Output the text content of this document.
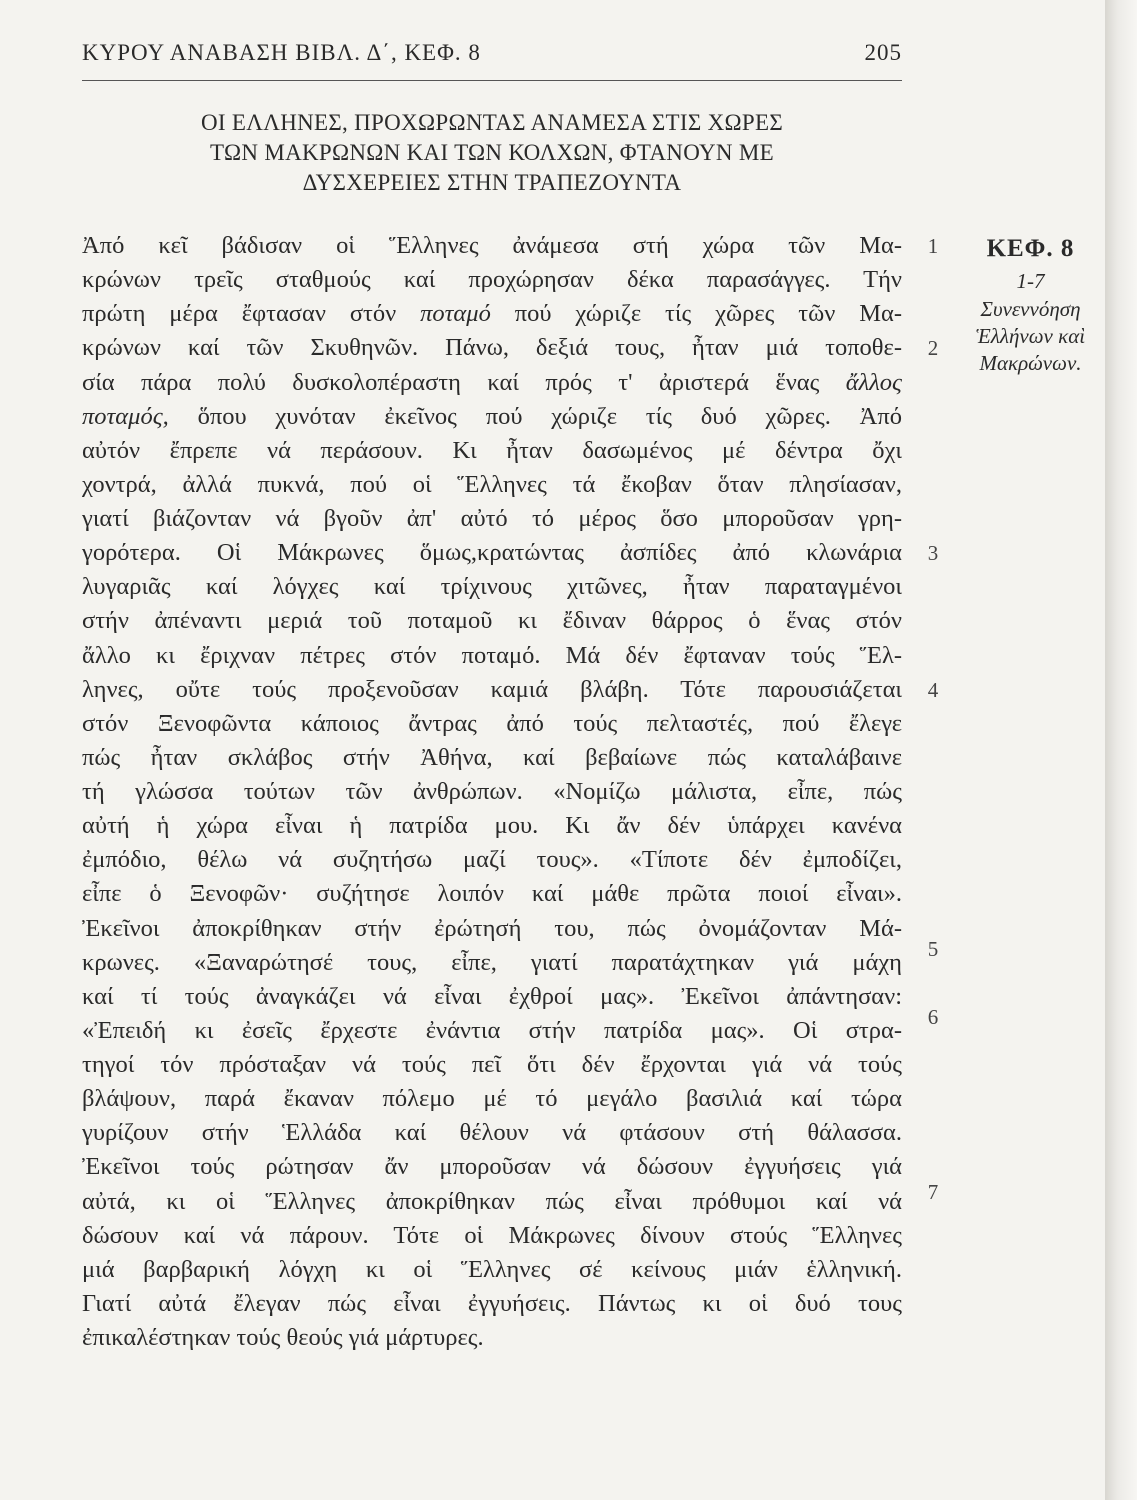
ΚΥΡΟΥ ΑΝΑΒΑΣΗ ΒΙΒΛ. Δ΄, ΚΕΦ. 8	205
ΟΙ ΕΛΛΗΝΕΣ, ΠΡΟΧΩΡΩΝΤΑΣ ΑΝΑΜΕΣΑ ΣΤΙΣ ΧΩΡΕΣ
ΤΩΝ ΜΑΚΡΩΝΩΝ ΚΑΙ ΤΩΝ ΚΟΛΧΩΝ, ΦΤΑΝΟΥΝ ΜΕ
ΔΥΣΧΕΡΕΙΕΣ ΣΤΗΝ ΤΡΑΠΕΖΟΥΝΤΑ
Ἀπό κεῖ βάδισαν οἱ Ἕλληνες ἀνάμεσα στή χώρα τῶν Μα-
κρώνων τρεῖς σταθμούς καί προχώρησαν δέκα παρασάγγες. Τήν
πρώτη μέρα ἔφτασαν στόν ποταμό πού χώριζε τίς χῶρες τῶν Μα-
κρώνων καί τῶν Σκυθηνῶν. Πάνω, δεξιά τους, ἦταν μιά τοποθε-
σία πάρα πολύ δυσκολοπέραστη καί πρός τ' ἀριστερά ἕνας ἄλλος
ποταμός, ὅπου χυνόταν ἐκεῖνος πού χώριζε τίς δυό χῶρες. Ἀπό
αὐτόν ἔπρεπε νά περάσουν. Κι ἦταν δασωμένος μέ δέντρα ὄχι
χοντρά, ἀλλά πυκνά, πού οἱ Ἕλληνες τά ἔκοβαν ὅταν πλησίασαν,
γιατί βιάζονταν νά βγοῦν ἀπ' αὐτό τό μέρος ὅσο μποροῦσαν γρη-
γορότερα. Οἱ Μάκρωνες ὅμως,κρατώντας ἀσπίδες ἀπό κλωνάρια
λυγαριᾶς καί λόγχες καί τρίχινους χιτῶνες, ἦταν παραταγμένοι
στήν ἀπέναντι μεριά τοῦ ποταμοῦ κι ἔδιναν θάρρος ὁ ἕνας στόν
ἄλλο κι ἔριχναν πέτρες στόν ποταμό. Μά δέν ἔφταναν τούς Ἕλ-
ληνες, οὔτε τούς προξενοῦσαν καμιά βλάβη. Τότε παρουσιάζεται
στόν Ξενοφῶντα κάποιος ἄντρας ἀπό τούς πελταστές, πού ἔλεγε
πώς ἦταν σκλάβος στήν Ἀθήνα, καί βεβαίωνε πώς καταλάβαινε
τή γλώσσα τούτων τῶν ἀνθρώπων. «Νομίζω μάλιστα, εἶπε, πώς
αὐτή ἡ χώρα εἶναι ἡ πατρίδα μου. Κι ἄν δέν ὑπάρχει κανένα
ἐμπόδιο, θέλω νά συζητήσω μαζί τους». «Τίποτε δέν ἐμποδίζει,
εἶπε ὁ Ξενοφῶν· συζήτησε λοιπόν καί μάθε πρῶτα ποιοί εἶναι».
Ἐκεῖνοι ἀποκρίθηκαν στήν ἐρώτησή του, πώς ὀνομάζονταν Μά-
κρωνες. «Ξαναρώτησέ τους, εἶπε, γιατί παρατάχτηκαν γιά μάχη
καί τί τούς ἀναγκάζει νά εἶναι ἐχθροί μας». Ἐκεῖνοι ἀπάντησαν:
«Ἐπειδή κι ἐσεῖς ἔρχεστε ἐνάντια στήν πατρίδα μας». Οἱ στρα-
τηγοί τόν πρόσταξαν νά τούς πεῖ ὅτι δέν ἔρχονται γιά νά τούς
βλάψουν, παρά ἔκαναν πόλεμο μέ τό μεγάλο βασιλιά καί τώρα
γυρίζουν στήν Ἑλλάδα καί θέλουν νά φτάσουν στή θάλασσα.
Ἐκεῖνοι τούς ρώτησαν ἄν μποροῦσαν νά δώσουν ἐγγυήσεις γιά
αὐτά, κι οἱ Ἕλληνες ἀποκρίθηκαν πώς εἶναι πρόθυμοι καί νά
δώσουν καί νά πάρουν. Τότε οἱ Μάκρωνες δίνουν στούς Ἕλληνες
μιά βαρβαρική λόγχη κι οἱ Ἕλληνες σέ κείνους μιάν ἑλληνική.
Γιατί αὐτά ἔλεγαν πώς εἶναι ἐγγυήσεις. Πάντως κι οἱ δυό τους
ἐπικαλέστηκαν τούς θεούς γιά μάρτυρες.
1
2
3
4
5
6
7
ΚΕΦ. 8
1-7
Συνεννόηση
Ἑλλήνων καὶ
Μακρώνων.
